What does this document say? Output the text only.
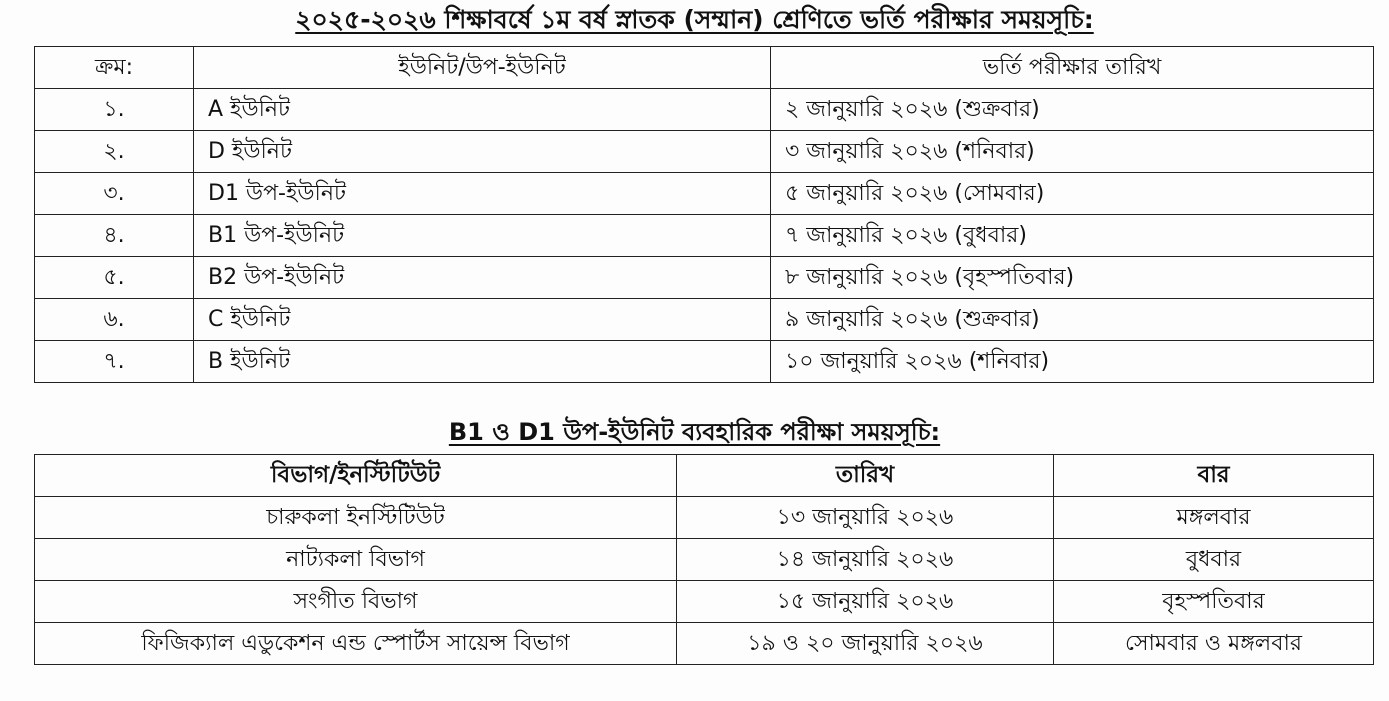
২০২৫-২০২৬ শিক্ষাবর্ষে ১ম বর্ষ স্নাতক (সম্মান) শ্রেণিতে ভর্তি পরীক্ষার সময়সূচি:
ক্রম:	ইউনিট/উপ-ইউনিট	ভর্তি পরীক্ষার তারিখ
১.	A ইউনিট	২ জানুয়ারি ২০২৬ (শুক্রবার)
২.	D ইউনিট	৩ জানুয়ারি ২০২৬ (শনিবার)
৩.	D1 উপ-ইউনিট	৫ জানুয়ারি ২০২৬ (সোমবার)
৪.	B1 উপ-ইউনিট	৭ জানুয়ারি ২০২৬ (বুধবার)
৫.	B2 উপ-ইউনিট	৮ জানুয়ারি ২০২৬ (বৃহস্পতিবার)
৬.	C ইউনিট	৯ জানুয়ারি ২০২৬ (শুক্রবার)
৭.	B ইউনিট	১০ জানুয়ারি ২০২৬ (শনিবার)
B1 ও D1 উপ-ইউনিট ব্যবহারিক পরীক্ষা সময়সূচি:
বিভাগ/ইনস্টিটিউট	তারিখ	বার
চারুকলা ইনস্টিটিউট	১৩ জানুয়ারি ২০২৬	মঙ্গলবার
নাট্যকলা বিভাগ	১৪ জানুয়ারি ২০২৬	বুধবার
সংগীত বিভাগ	১৫ জানুয়ারি ২০২৬	বৃহস্পতিবার
ফিজিক্যাল এডুকেশন এন্ড স্পোর্টস সায়েন্স বিভাগ	১৯ ও ২০ জানুয়ারি ২০২৬	সোমবার ও মঙ্গলবার
